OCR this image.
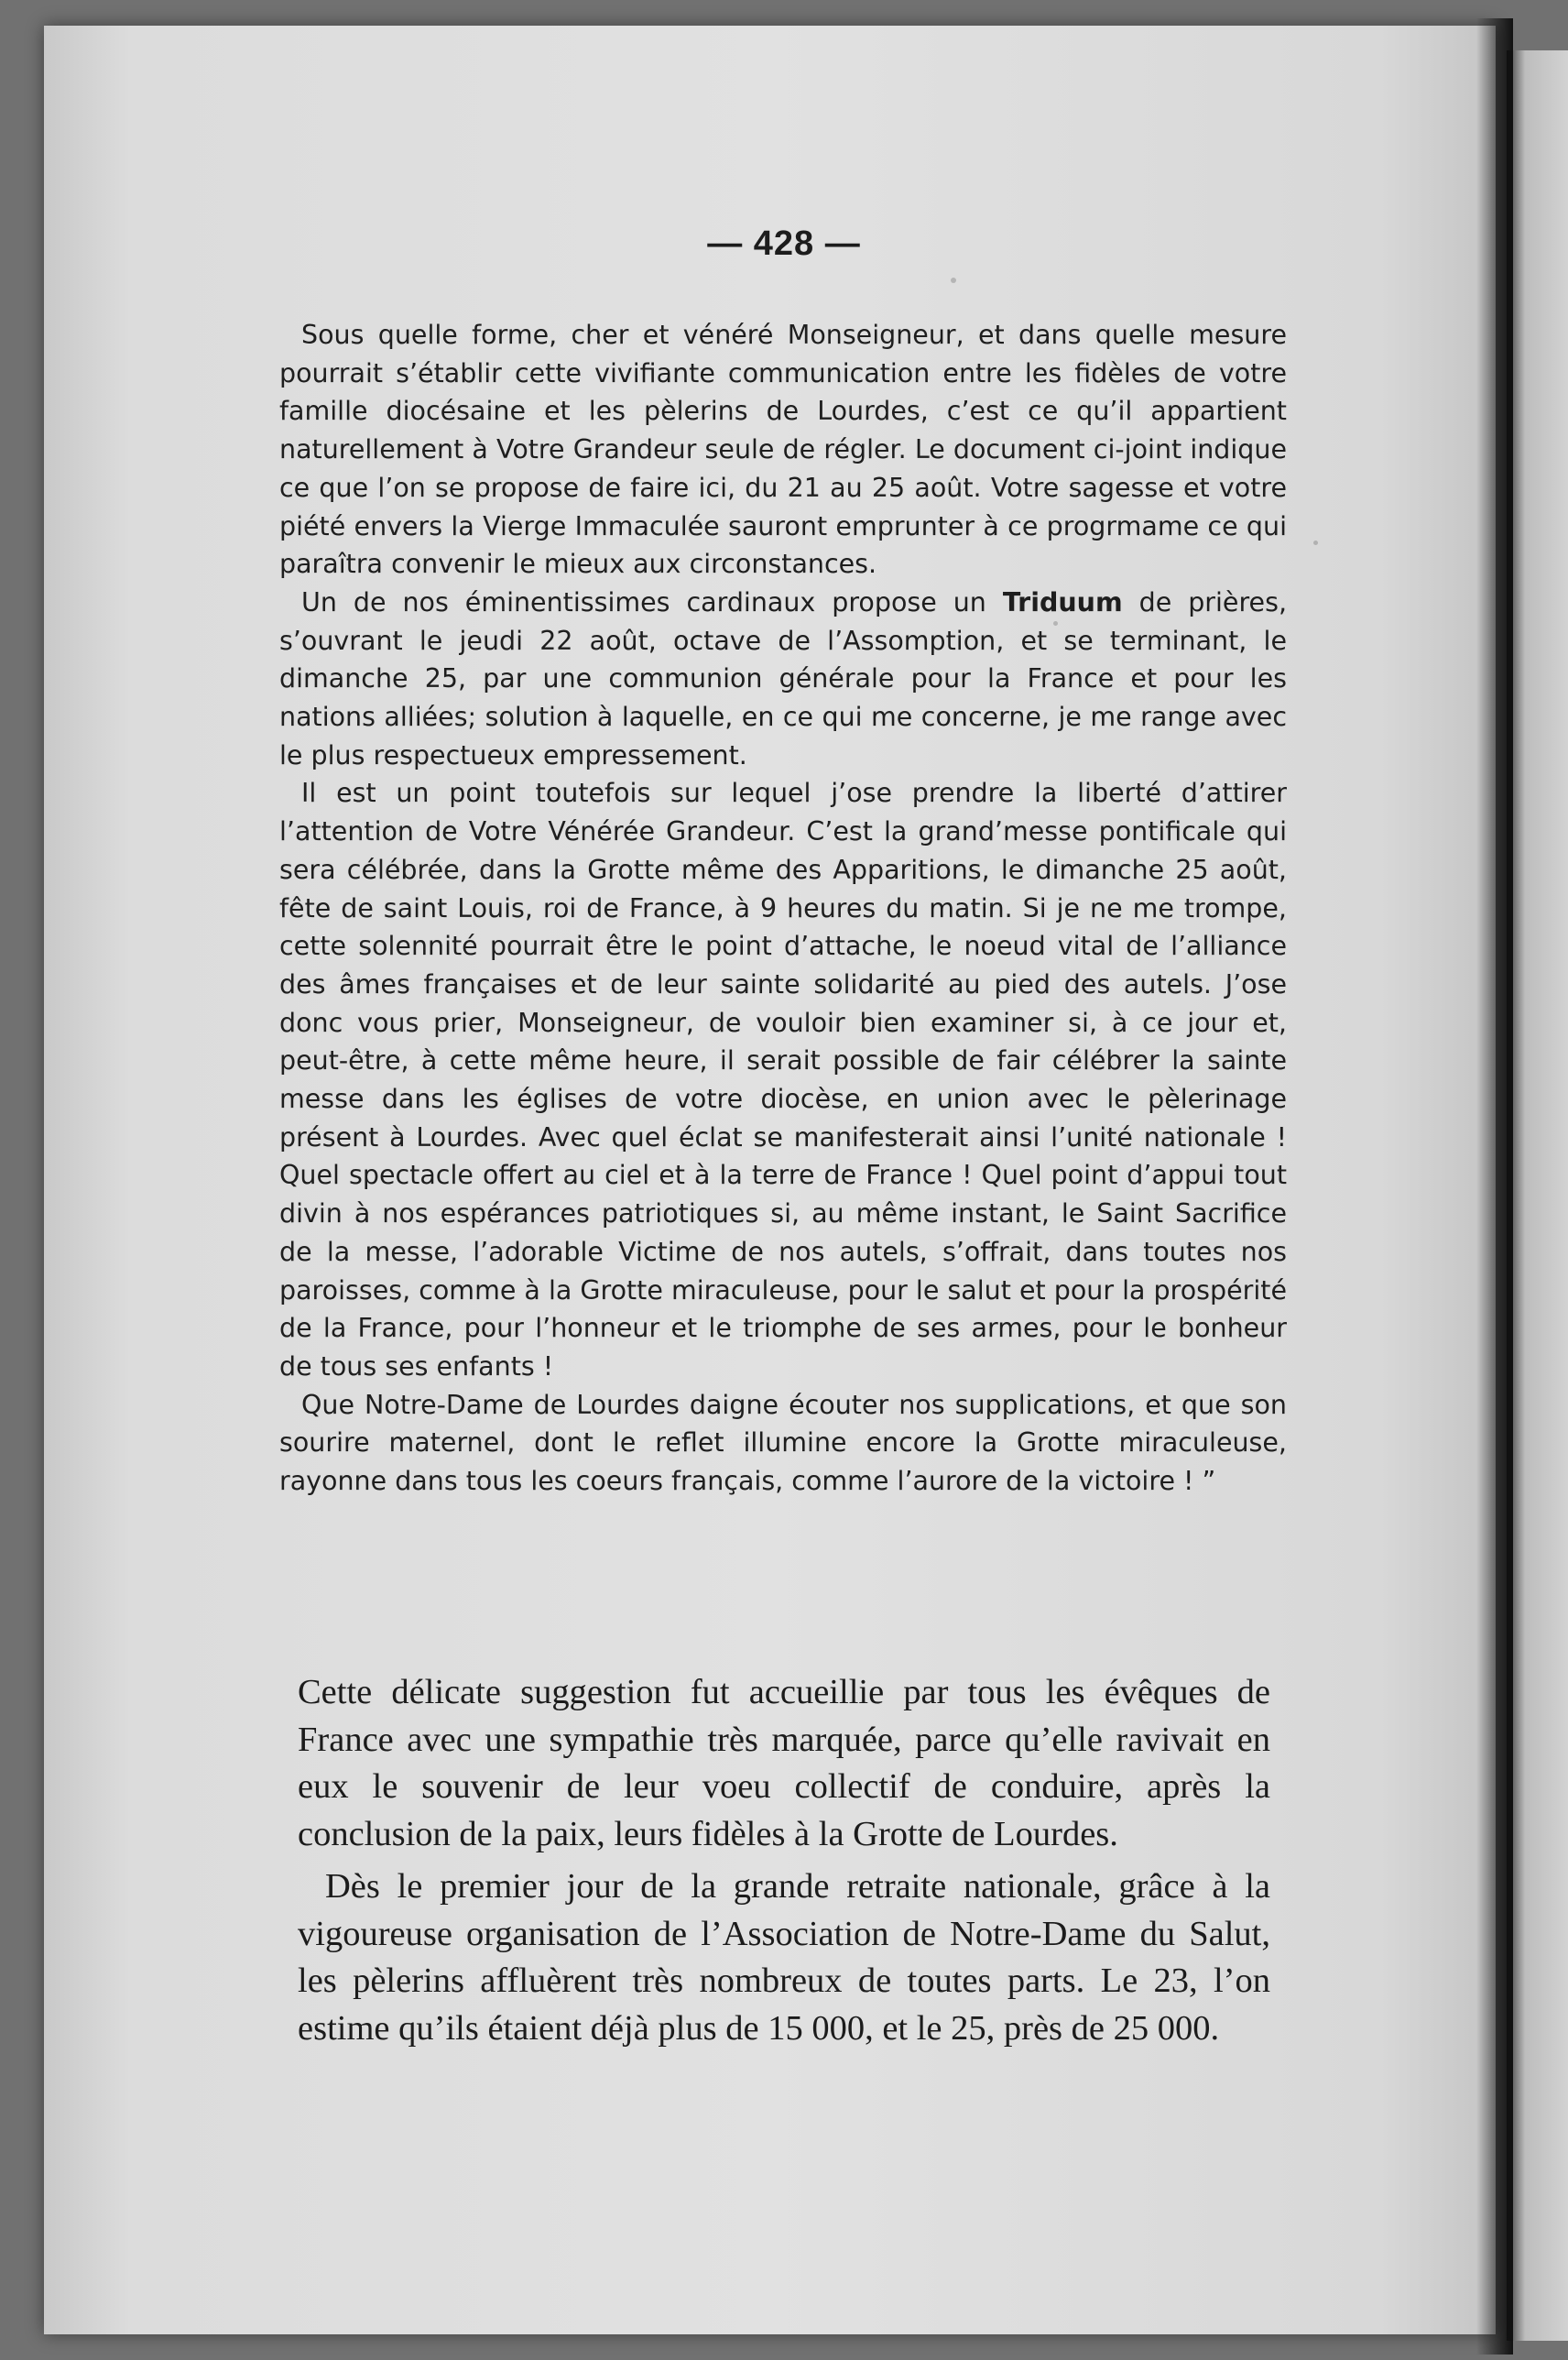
— 428 —

Sous quelle forme, cher et vénéré Monseigneur, et dans quelle mesure pourrait s’établir cette vivifiante communication entre les fidèles de votre famille diocésaine et les pèlerins de Lourdes, c’est ce qu’il appartient naturellement à Votre Grandeur seule de régler. Le document ci-joint indique ce que l’on se propose de faire ici, du 21 au 25 août. Votre sagesse et votre piété envers la Vierge Immaculée sauront emprunter à ce progrmame ce qui paraîtra convenir le mieux aux circonstances.

Un de nos éminentissimes cardinaux propose un Triduum de prières, s’ouvrant le jeudi 22 août, octave de l’Assomption, et se terminant, le dimanche 25, par une communion générale pour la France et pour les nations alliées; solution à laquelle, en ce qui me concerne, je me range avec le plus respectueux empressement.

Il est un point toutefois sur lequel j’ose prendre la liberté d’attirer l’attention de Votre Vénérée Grandeur. C’est la grand’messe pontificale qui sera célébrée, dans la Grotte même des Apparitions, le dimanche 25 août, fête de saint Louis, roi de France, à 9 heures du matin. Si je ne me trompe, cette solennité pourrait être le point d’attache, le noeud vital de l’alliance des âmes françaises et de leur sainte solidarité au pied des autels. J’ose donc vous prier, Monseigneur, de vouloir bien examiner si, à ce jour et, peut-être, à cette même heure, il serait possible de fair célébrer la sainte messe dans les églises de votre diocèse, en union avec le pèlerinage présent à Lourdes. Avec quel éclat se manifesterait ainsi l’unité nationale ! Quel spectacle offert au ciel et à la terre de France ! Quel point d’appui tout divin à nos espérances patriotiques si, au même instant, le Saint Sacrifice de la messe, l’adorable Victime de nos autels, s’offrait, dans toutes nos paroisses, comme à la Grotte miraculeuse, pour le salut et pour la prospérité de la France, pour l’honneur et le triomphe de ses armes, pour le bonheur de tous ses enfants !

Que Notre-Dame de Lourdes daigne écouter nos supplications, et que son sourire maternel, dont le reflet illumine encore la Grotte miraculeuse, rayonne dans tous les coeurs français, comme l’aurore de la victoire ! ”

Cette délicate suggestion fut accueillie par tous les évêques de France avec une sympathie très marquée, parce qu’elle ravivait en eux le souvenir de leur voeu collectif de conduire, après la conclusion de la paix, leurs fidèles à la Grotte de Lourdes.

Dès le premier jour de la grande retraite nationale, grâce à la vigoureuse organisation de l’Association de Notre-Dame du Salut, les pèlerins affluèrent très nombreux de toutes parts. Le 23, l’on estime qu’ils étaient déjà plus de 15 000, et le 25, près de 25 000.
